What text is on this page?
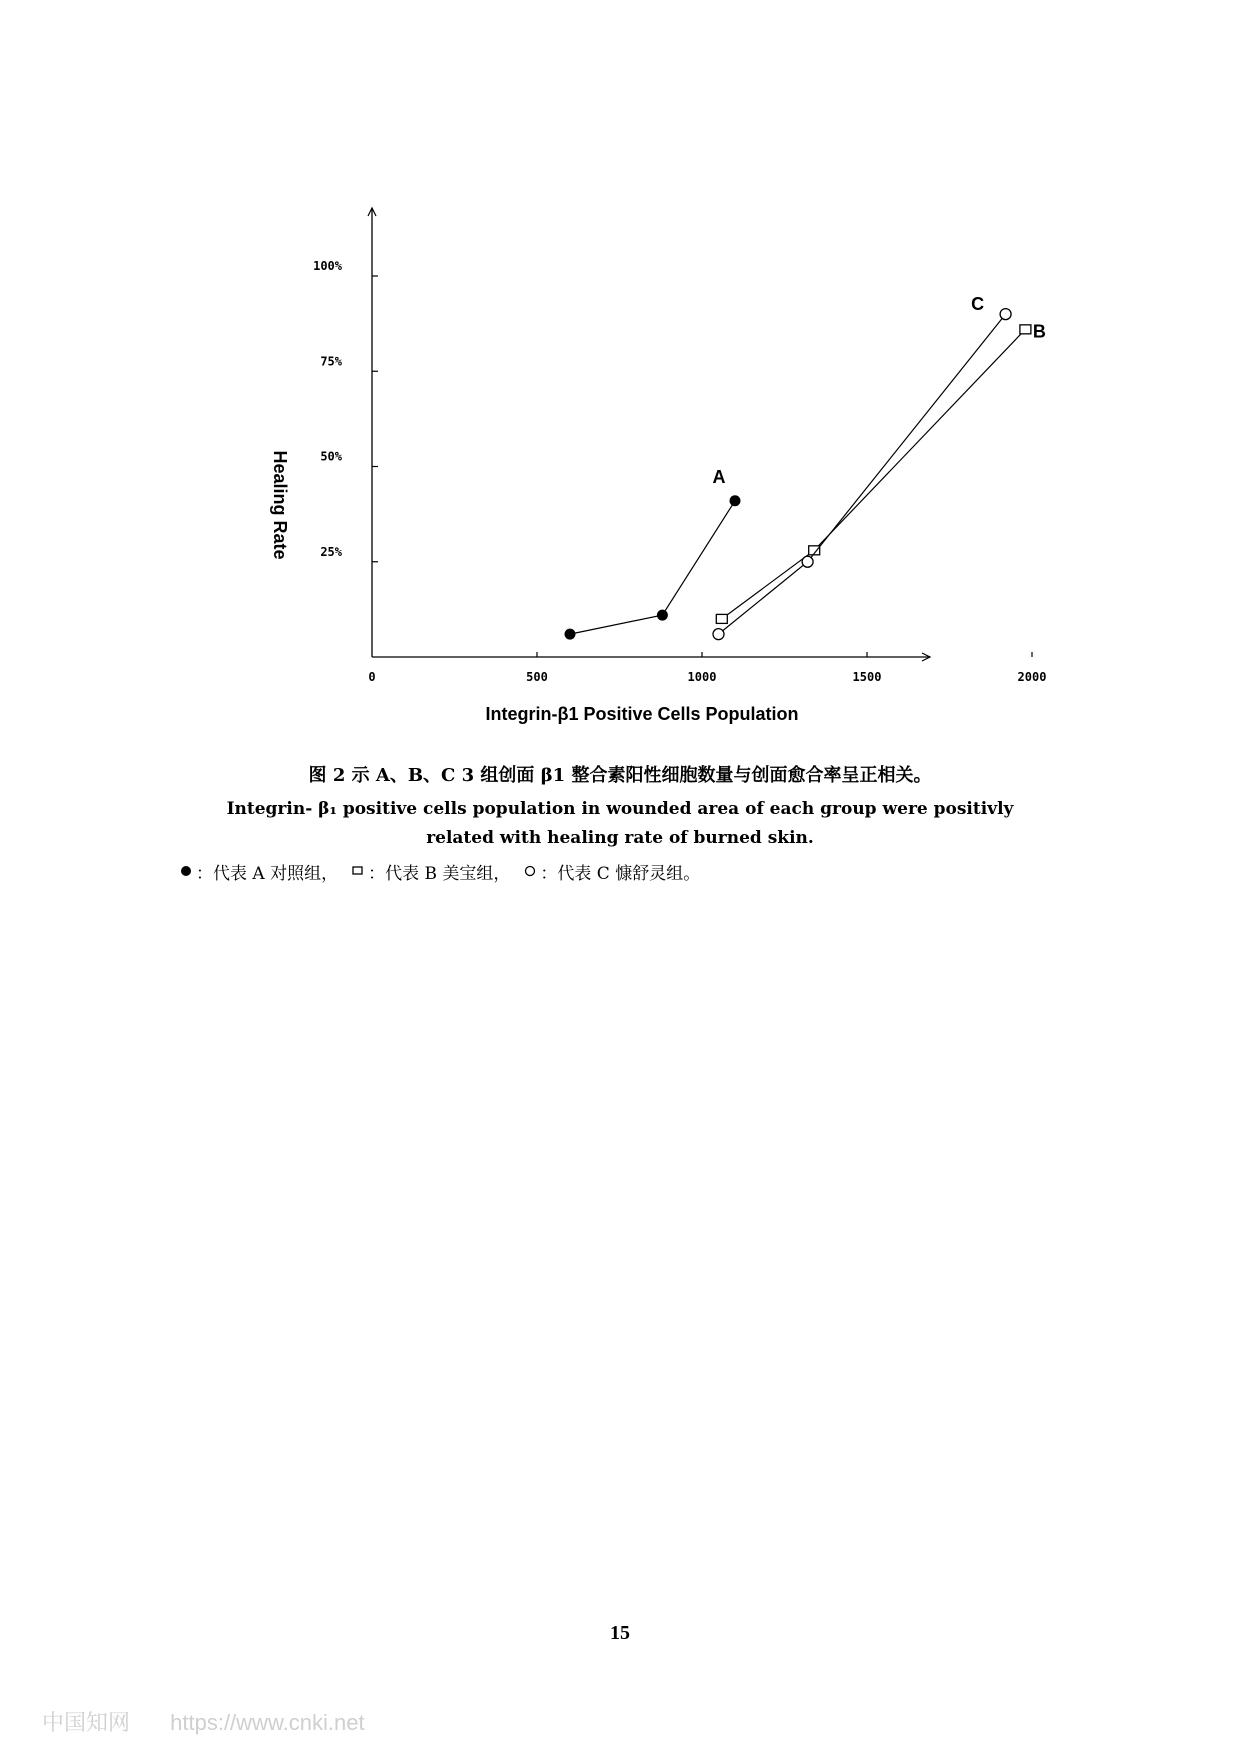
0	500	1000	1500	2000
25%
50%
75%
100%
A
B
C
Integrin-β1 Positive Cells Population
Healing Rate
图 2 示 A、B、C 3 组创面 β1 整合素阳性细胞数量与创面愈合率呈正相关。
Integrin- β₁ positive cells population in wounded area of each group were positivly
related with healing rate of burned skin.
：代表 A 对照组， ：代表 B 美宝组， ：代表 C 慷舒灵组。
15
中国知网 https://www.cnki.net
